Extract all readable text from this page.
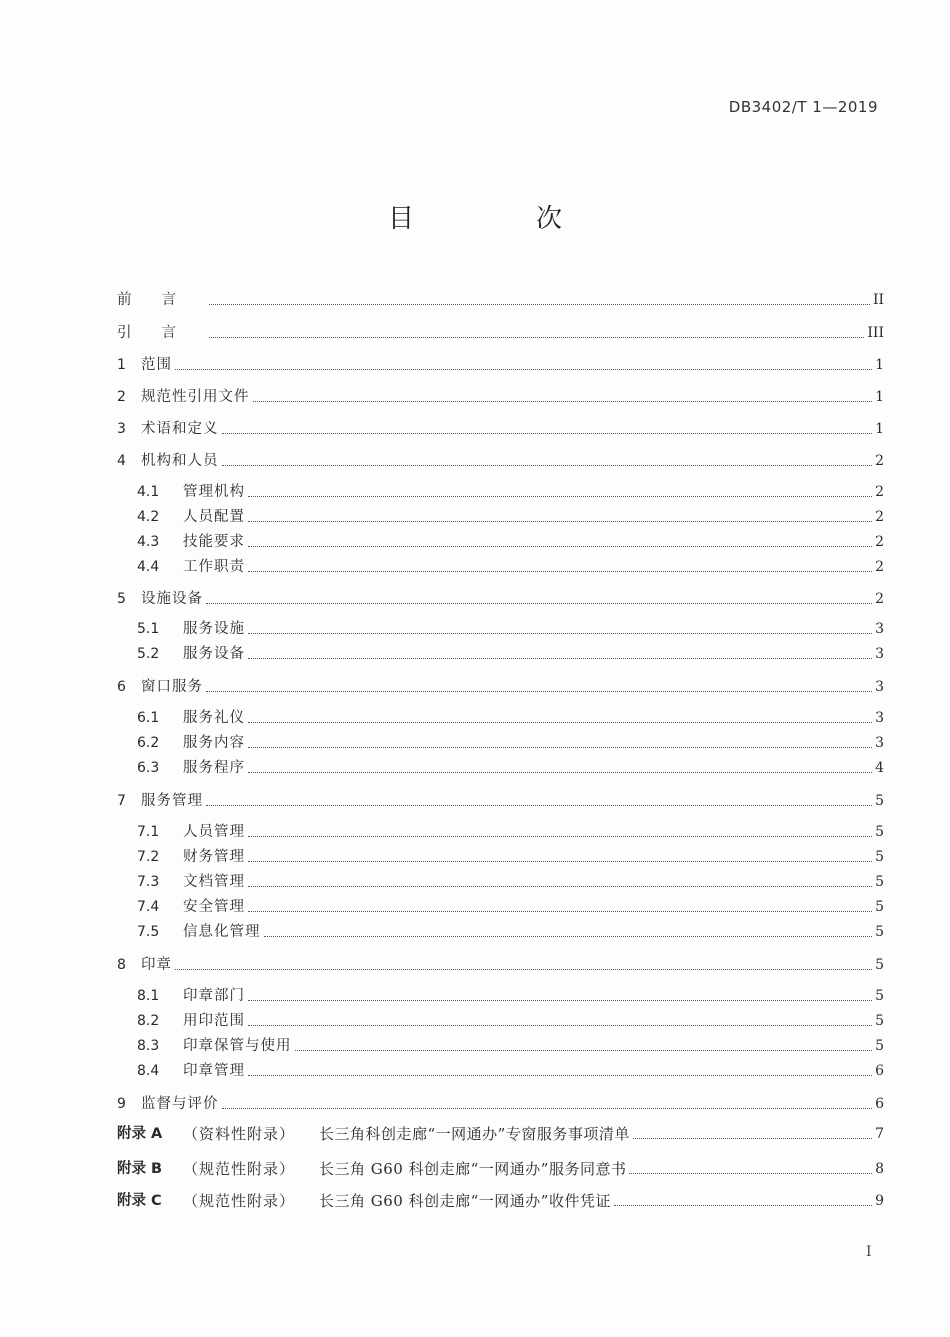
DB3402/T 1—2019
目　次
前言	II
引言	III
1	范围	1
2	规范性引用文件	1
3	术语和定义	1
4	机构和人员	2
4.1	管理机构	2
4.2	人员配置	2
4.3	技能要求	2
4.4	工作职责	2
5	设施设备	2
5.1	服务设施	3
5.2	服务设备	3
6	窗口服务	3
6.1	服务礼仪	3
6.2	服务内容	3
6.3	服务程序	4
7	服务管理	5
7.1	人员管理	5
7.2	财务管理	5
7.3	文档管理	5
7.4	安全管理	5
7.5	信息化管理	5
8	印章	5
8.1	印章部门	5
8.2	用印范围	5
8.3	印章保管与使用	5
8.4	印章管理	6
9	监督与评价	6
附录 A	（资料性附录）	长三角科创走廊“一网通办”专窗服务事项清单	7
附录 B	（规范性附录）	长三角 G60 科创走廊“一网通办”服务同意书	8
附录 C	（规范性附录）	长三角 G60 科创走廊“一网通办”收件凭证	9
I
